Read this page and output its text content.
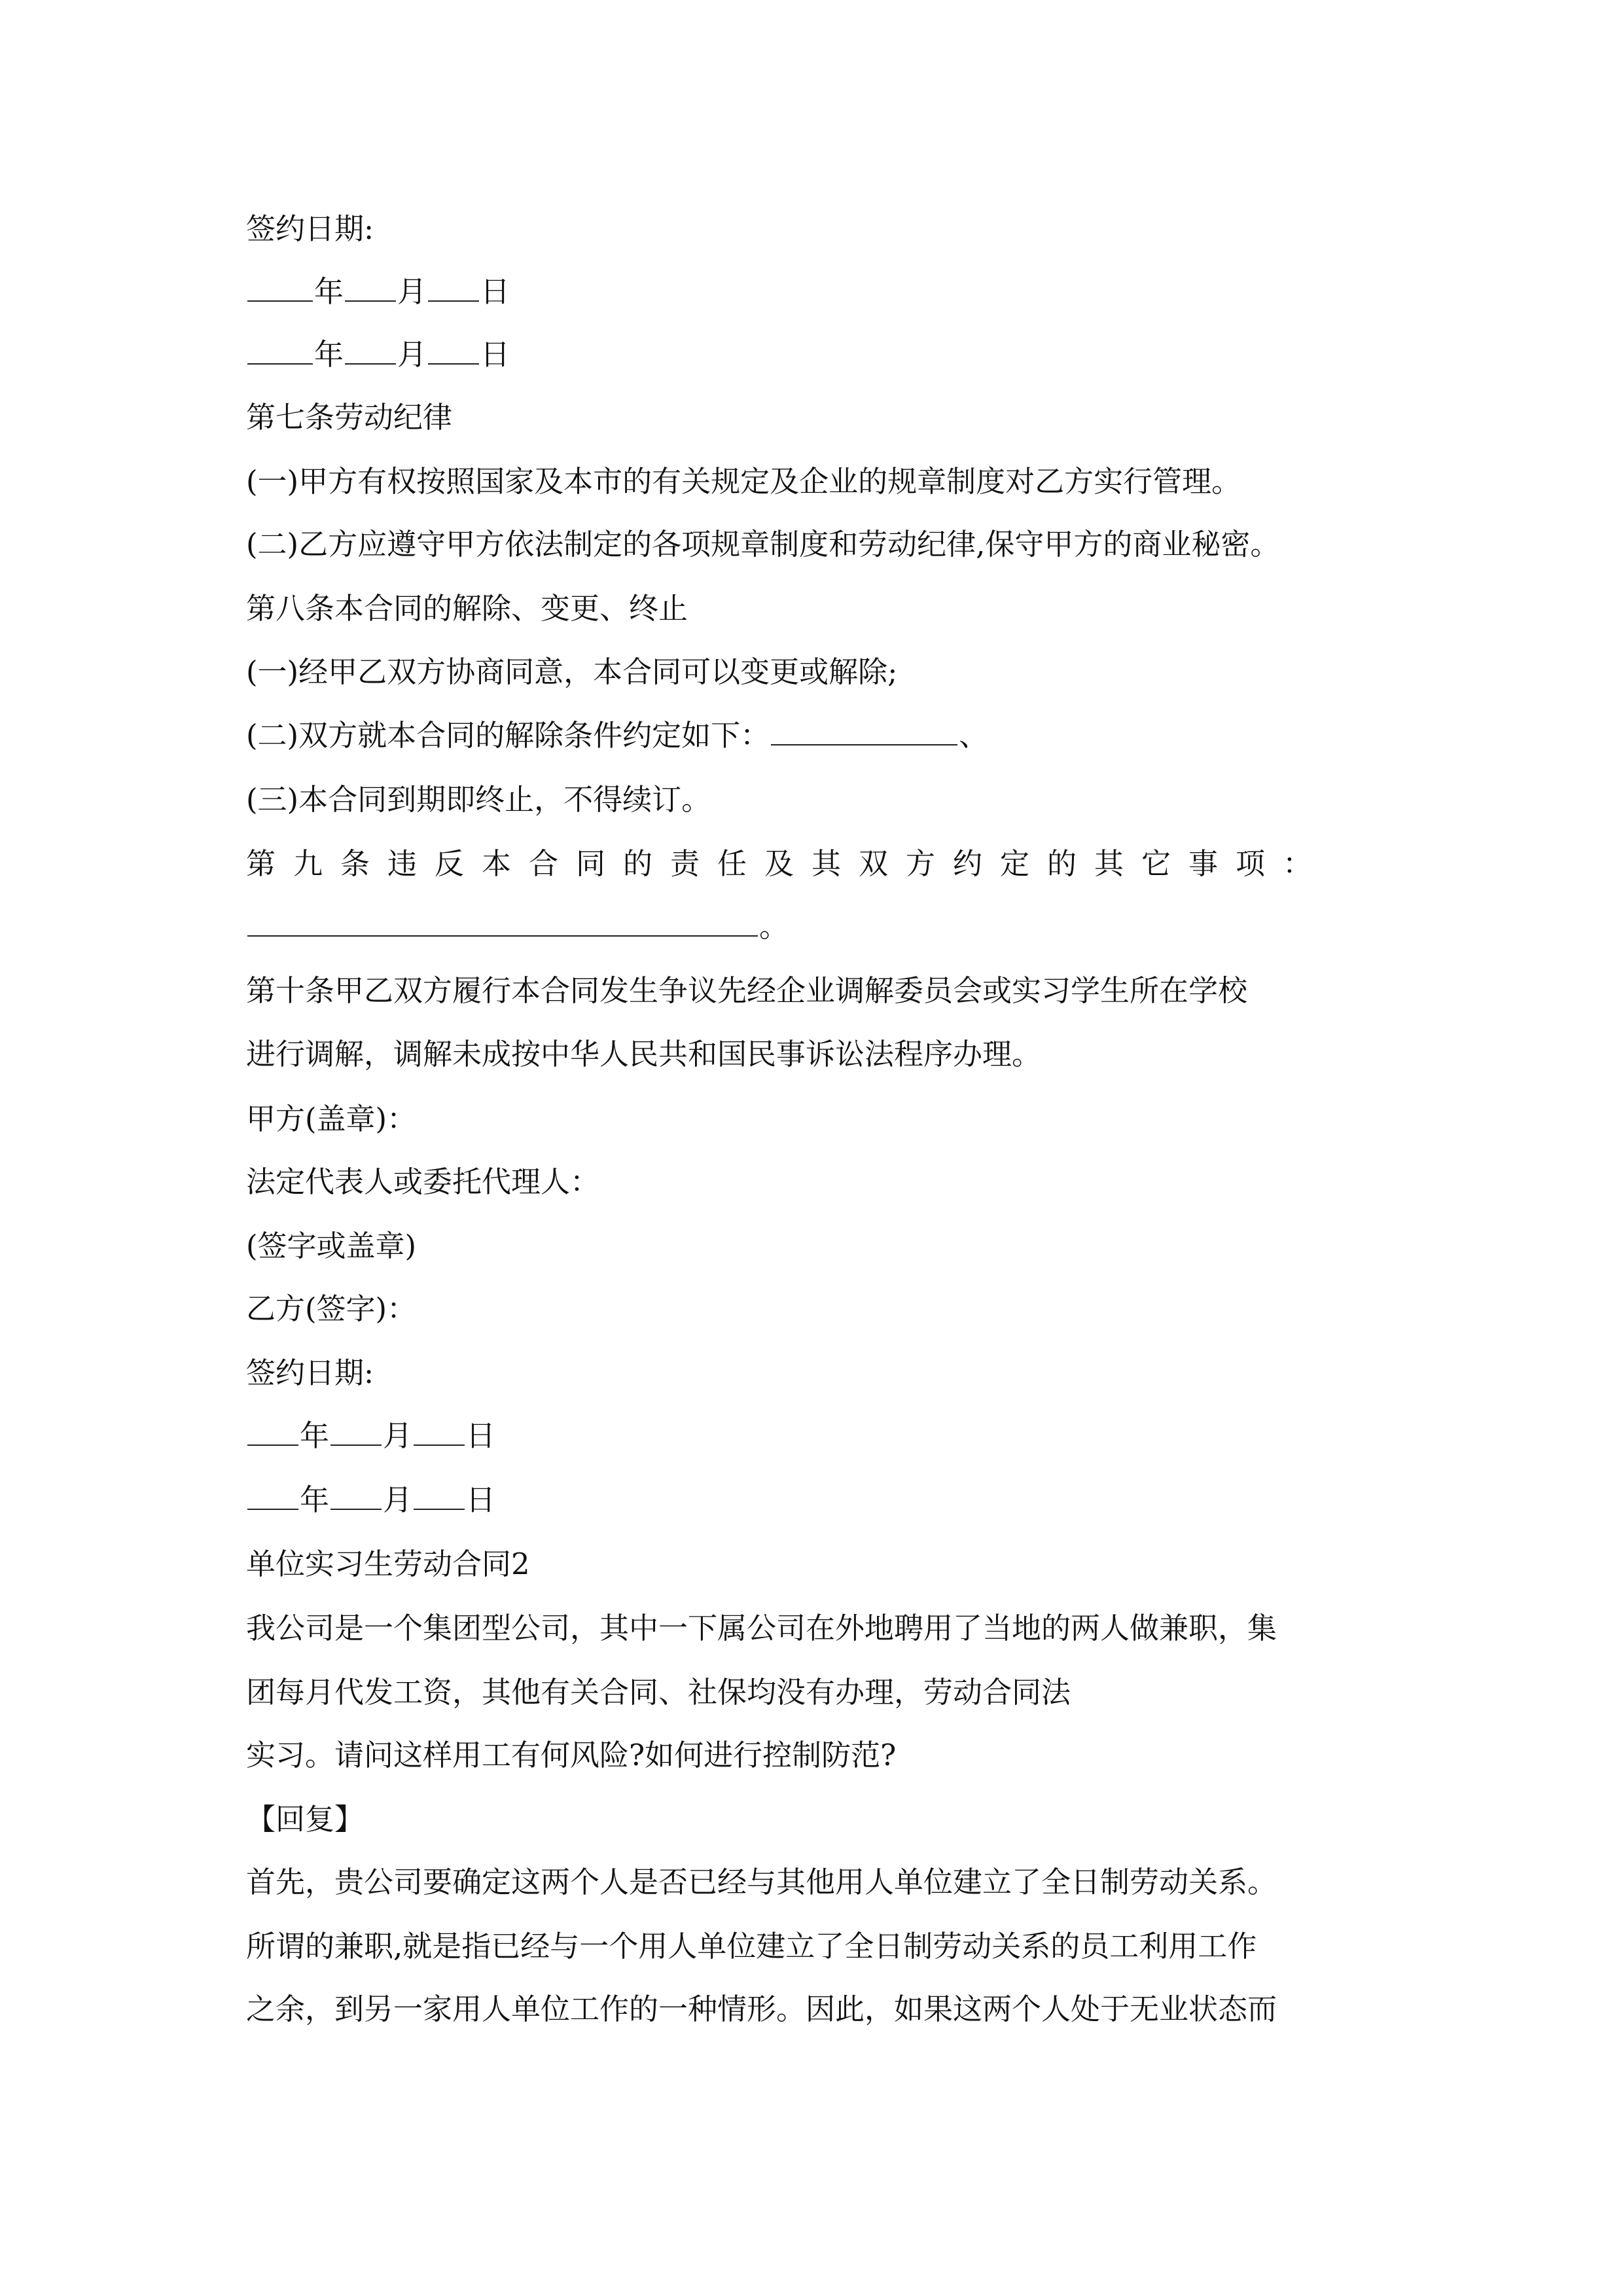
签约日期:

年 月 日

年 月 日

第七条劳动纪律

(一)甲方有权按照国家及本市的有关规定及企业的规章制度对乙方实行管理。

(二)乙方应遵守甲方依法制定的各项规章制度和劳动纪律,保守甲方的商业秘密。

第八条本合同的解除、变更、终止

(一)经甲乙双方协商同意，本合同可以变更或解除;

(二)双方就本合同的解除条件约定如下：	、

(三)本合同到期即终止，不得续订。

第九条违反本合同的责任及其双方约定的其它事项：

。

第十条甲乙双方履行本合同发生争议先经企业调解委员会或实习学生所在学校

进行调解，调解未成按中华人民共和国民事诉讼法程序办理。

甲方(盖章)：

法定代表人或委托代理人：

(签字或盖章)

乙方(签字)：

签约日期:

年 月 日

年 月 日

单位实习生劳动合同2

我公司是一个集团型公司，其中一下属公司在外地聘用了当地的两人做兼职，集

团每月代发工资，其他有关合同、社保均没有办理，劳动合同法

实习。请问这样用工有何风险?如何进行控制防范?

【回复】

首先，贵公司要确定这两个人是否已经与其他用人单位建立了全日制劳动关系。

所谓的兼职,就是指已经与一个用人单位建立了全日制劳动关系的员工利用工作

之余，到另一家用人单位工作的一种情形。因此，如果这两个人处于无业状态而
